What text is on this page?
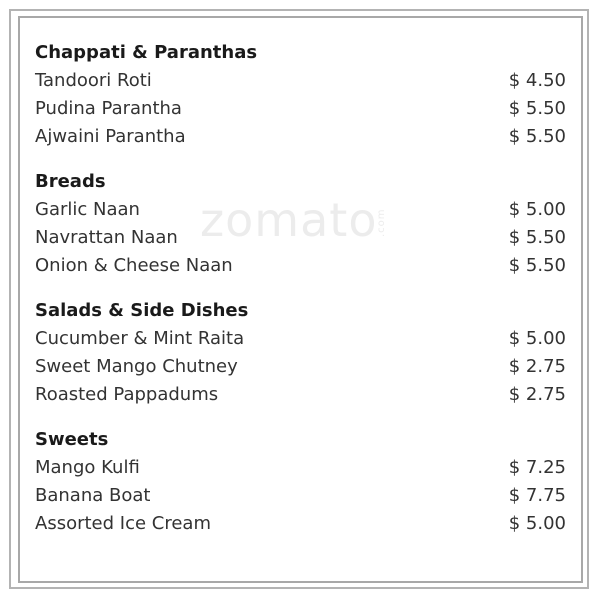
zomato.com
Chappati & Paranthas
Tandoori Roti	$ 4.50
Pudina Parantha	$ 5.50
Ajwaini Parantha	$ 5.50
Breads
Garlic Naan	$ 5.00
Navrattan Naan	$ 5.50
Onion & Cheese Naan	$ 5.50
Salads & Side Dishes
Cucumber & Mint Raita	$ 5.00
Sweet Mango Chutney	$ 2.75
Roasted Pappadums	$ 2.75
Sweets
Mango Kulfi	$ 7.25
Banana Boat	$ 7.75
Assorted Ice Cream	$ 5.00
